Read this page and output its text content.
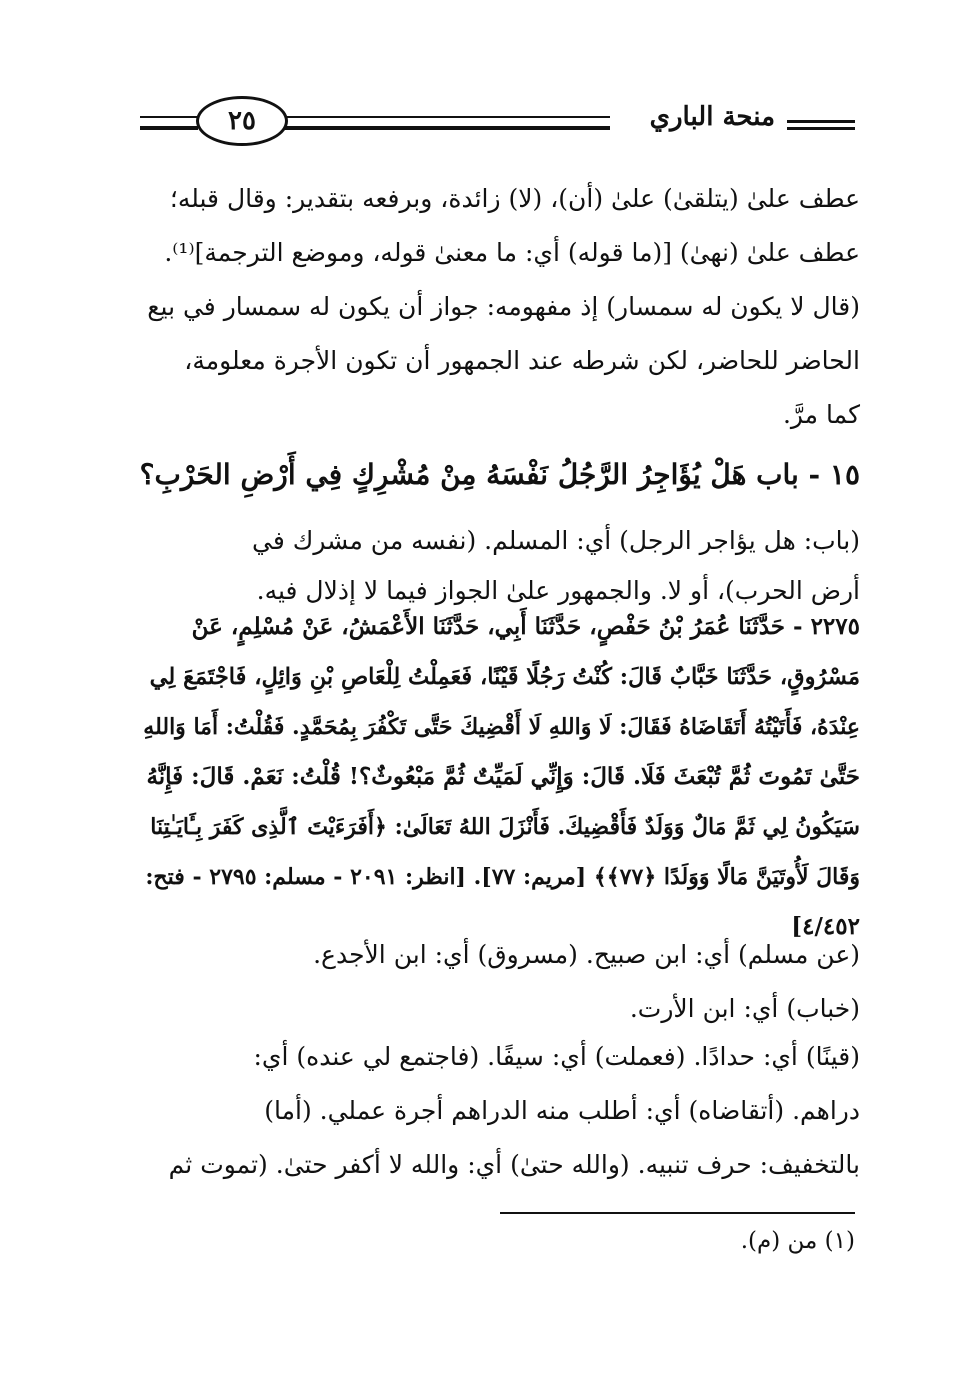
منحة الباري
٢٥
عطف علىٰ (يتلقىٰ) علىٰ (أن)، (لا) زائدة، وبرفعه بتقدير: وقال قبله؛
عطف علىٰ (نهىٰ) [(ما قوله) أي: ما معنىٰ قوله، وموضع الترجمة]⁽¹⁾.
(قال لا يكون له سمسار) إذ مفهومه: جواز أن يكون له سمسار في بيع
الحاضر للحاضر، لكن شرطه عند الجمهور أن تكون الأجرة معلومة،
كما مرَّ.
١٥ - باب هَلْ يُؤَاجِرُ الرَّجُلُ نَفْسَهُ مِنْ مُشْرِكٍ فِي أَرْضِ الحَرْبِ؟
(باب: هل يؤاجر الرجل) أي: المسلم. (نفسه من مشرك في
أرض الحرب)، أو لا. والجمهور علىٰ الجواز فيما لا إذلال فيه.
٢٢٧٥ - حَدَّثَنَا عُمَرُ بْنُ حَفْصٍ، حَدَّثَنَا أَبِي، حَدَّثَنَا الأَعْمَشُ، عَنْ مُسْلِمٍ، عَنْ
مَسْرُوقٍ، حَدَّثَنَا خَبَّابٌ قَالَ: كُنْتُ رَجُلًا قَيْنًا، فَعَمِلْتُ لِلْعَاصِ بْنِ وَائِلٍ، فَاجْتَمَعَ لِي
عِنْدَهُ، فَأَتَيْتُهُ أَتَقَاضَاهُ فَقَالَ: لَا وَاللهِ لَا أَقْضِيكَ حَتَّى تَكْفُرَ بِمُحَمَّدٍ. فَقُلْتُ: أَمَا وَاللهِ
حَتَّىٰ تَمُوتَ ثُمَّ تُبْعَثَ فَلَا. قَالَ: وَإِنِّي لَمَيِّتٌ ثُمَّ مَبْعُوثٌ؟! قُلْتُ: نَعَمْ. قَالَ: فَإِنَّهُ
سَيَكُونُ لِي ثَمَّ مَالٌ وَوَلَدٌ فَأَقْضِيكَ. فَأَنْزَلَ اللهُ تَعَالَىٰ: ﴿أَفَرَءَيْتَ ٱلَّذِى كَفَرَ بِـَٔايَـٰتِنَا
وَقَالَ لَأُوتَيَنَّ مَالًا وَوَلَدًا ﴿٧٧﴾﴾ [مريم: ٧٧]. [انظر: ٢٠٩١ - مسلم: ٢٧٩٥ - فتح:
٤/٤٥٢]
(عن مسلم) أي: ابن صبيح. (مسروق) أي: ابن الأجدع.
(خباب) أي: ابن الأرت.
(قينًا) أي: حدادًا. (فعملت) أي: سيفًا. (فاجتمع لي عنده) أي:
دراهم. (أتقاضاه) أي: أطلب منه الدراهم أجرة عملي. (أما)
بالتخفيف: حرف تنبيه. (والله حتىٰ) أي: والله لا أكفر حتىٰ. (تموت ثم
(١) من (م).
